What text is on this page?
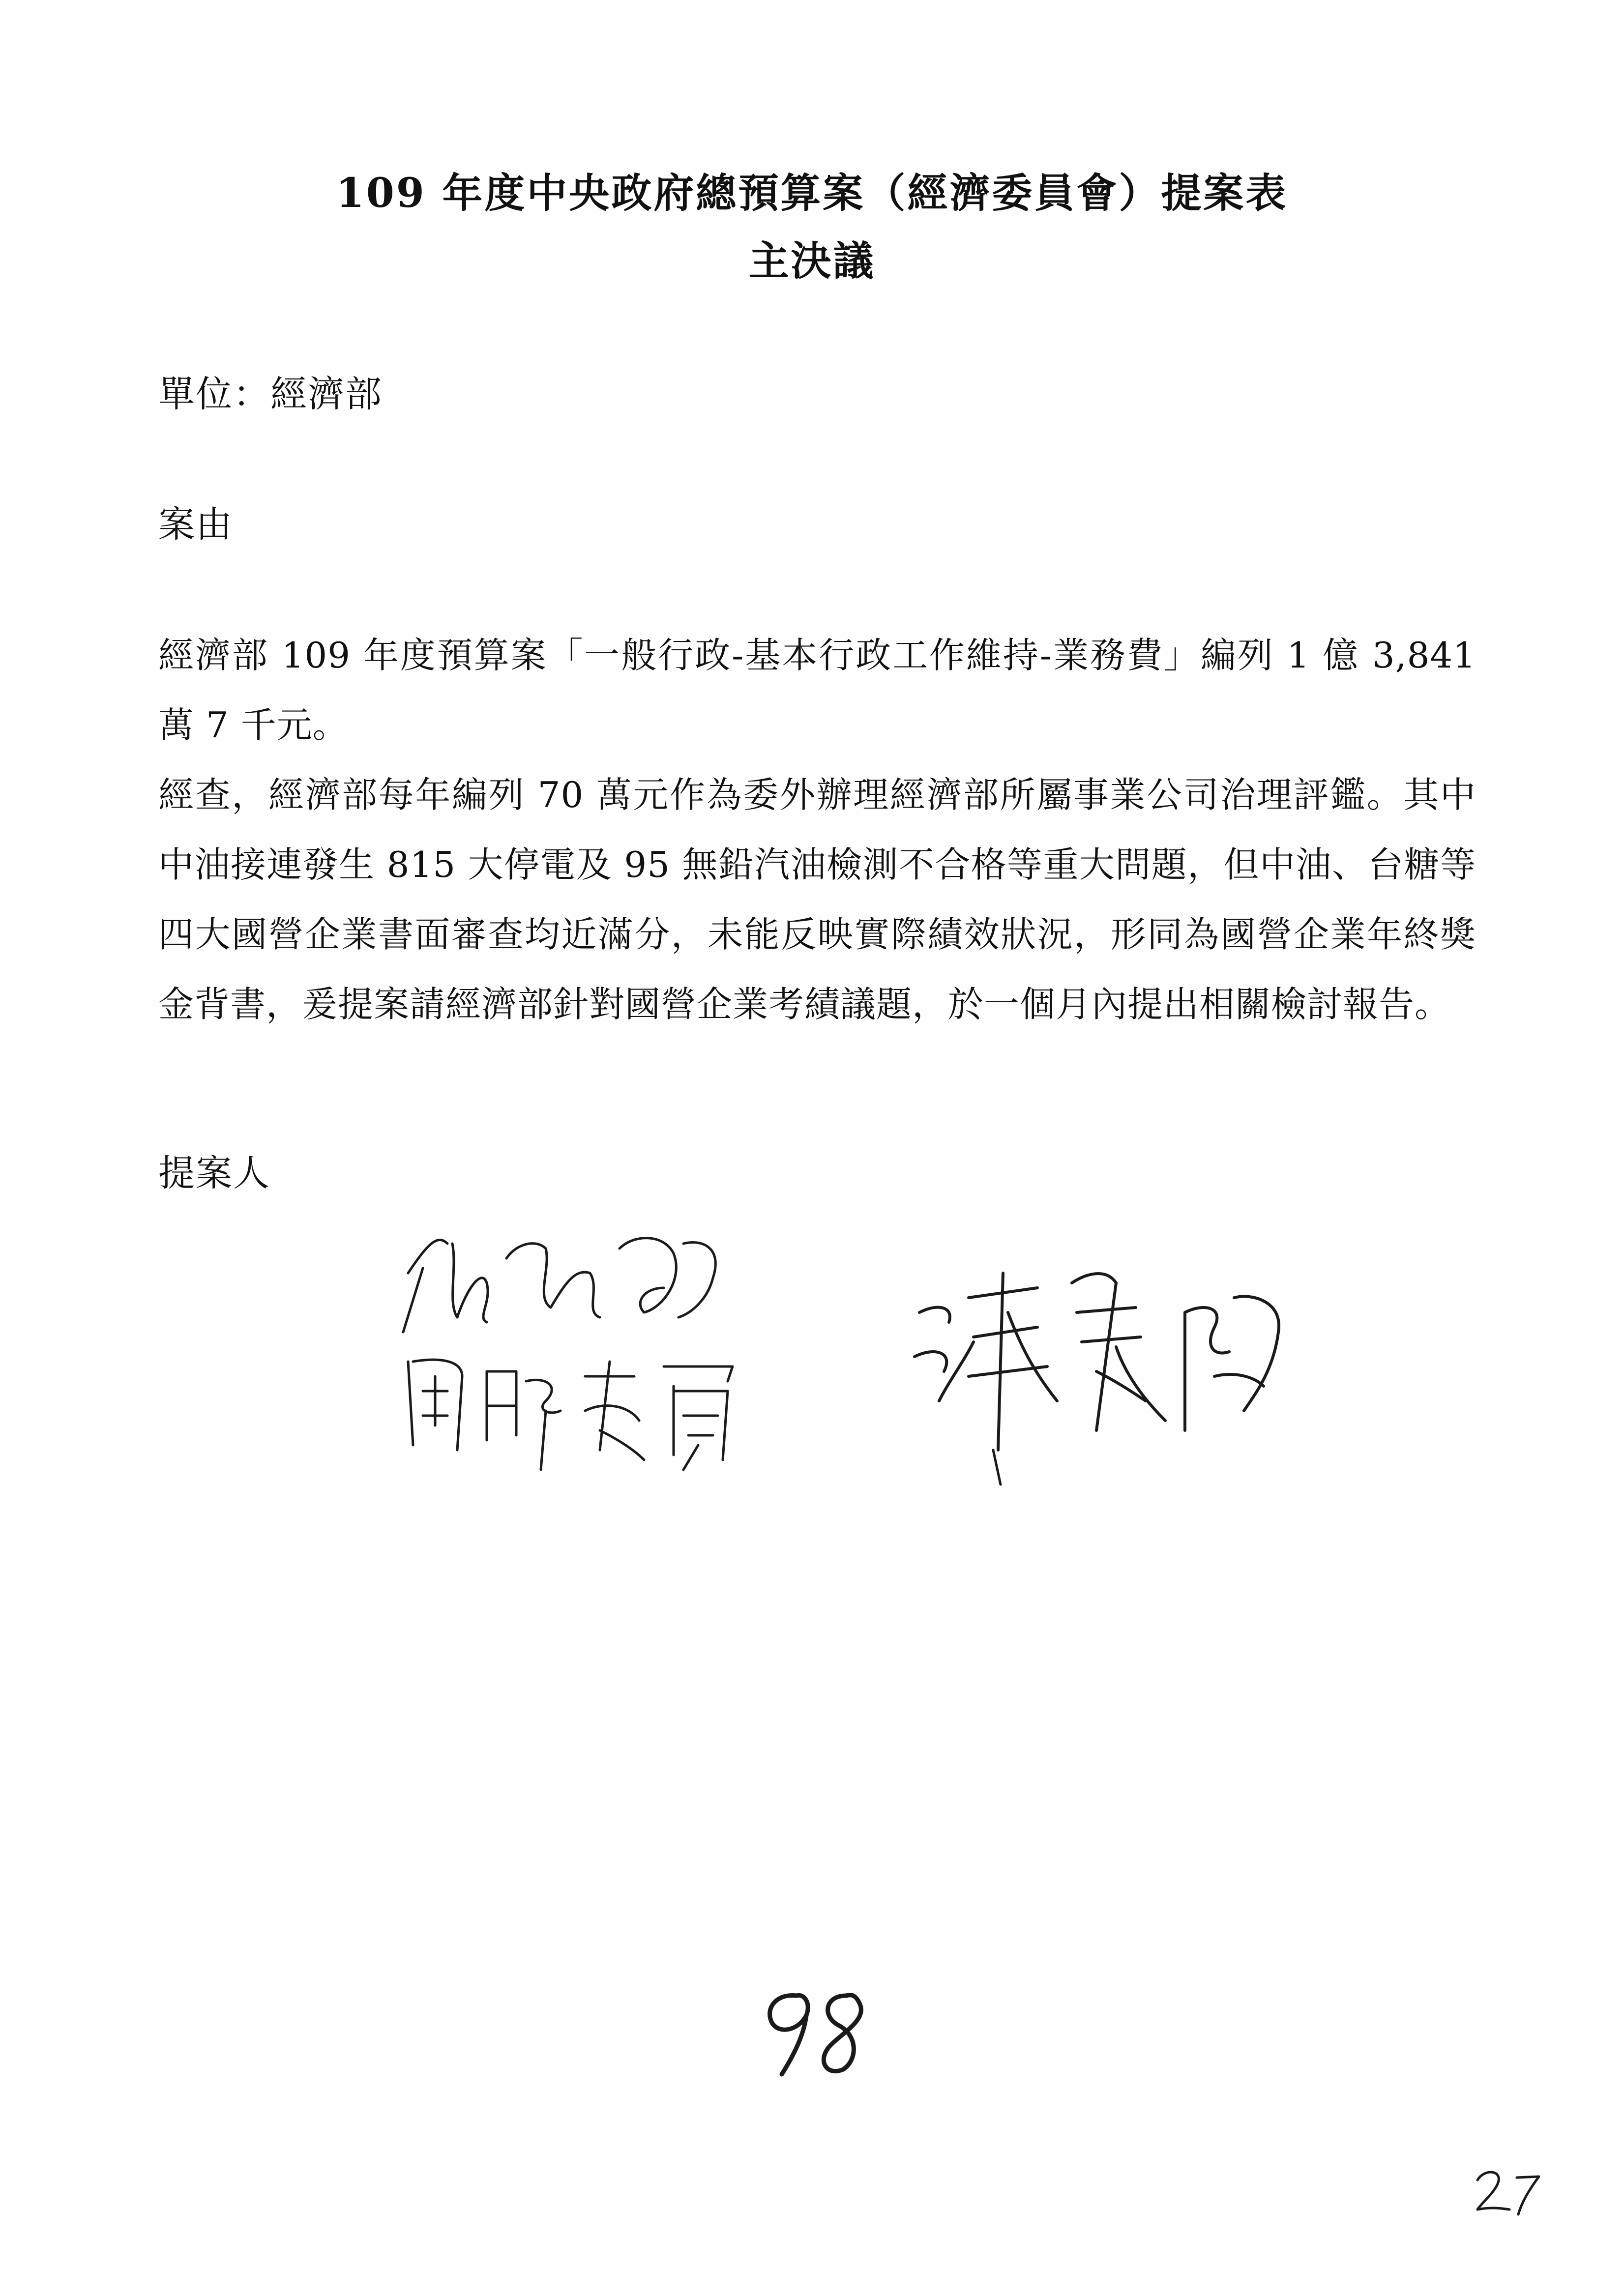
109 年度中央政府總預算案（經濟委員會）提案表
主決議
單位：經濟部
案由

經濟部 109 年度預算案「一般行政-基本行政工作維持-業務費」編列 1 億 3,841 萬 7 千元。

經查，經濟部每年編列 70 萬元作為委外辦理經濟部所屬事業公司治理評鑑。其中中油接連發生 815 大停電及 95 無鉛汽油檢測不合格等重大問題，但中油、台糖等四大國營企業書面審查均近滿分，未能反映實際績效狀況，形同為國營企業年終獎金背書，爰提案請經濟部針對國營企業考績議題，於一個月內提出相關檢討報告。

提案人
